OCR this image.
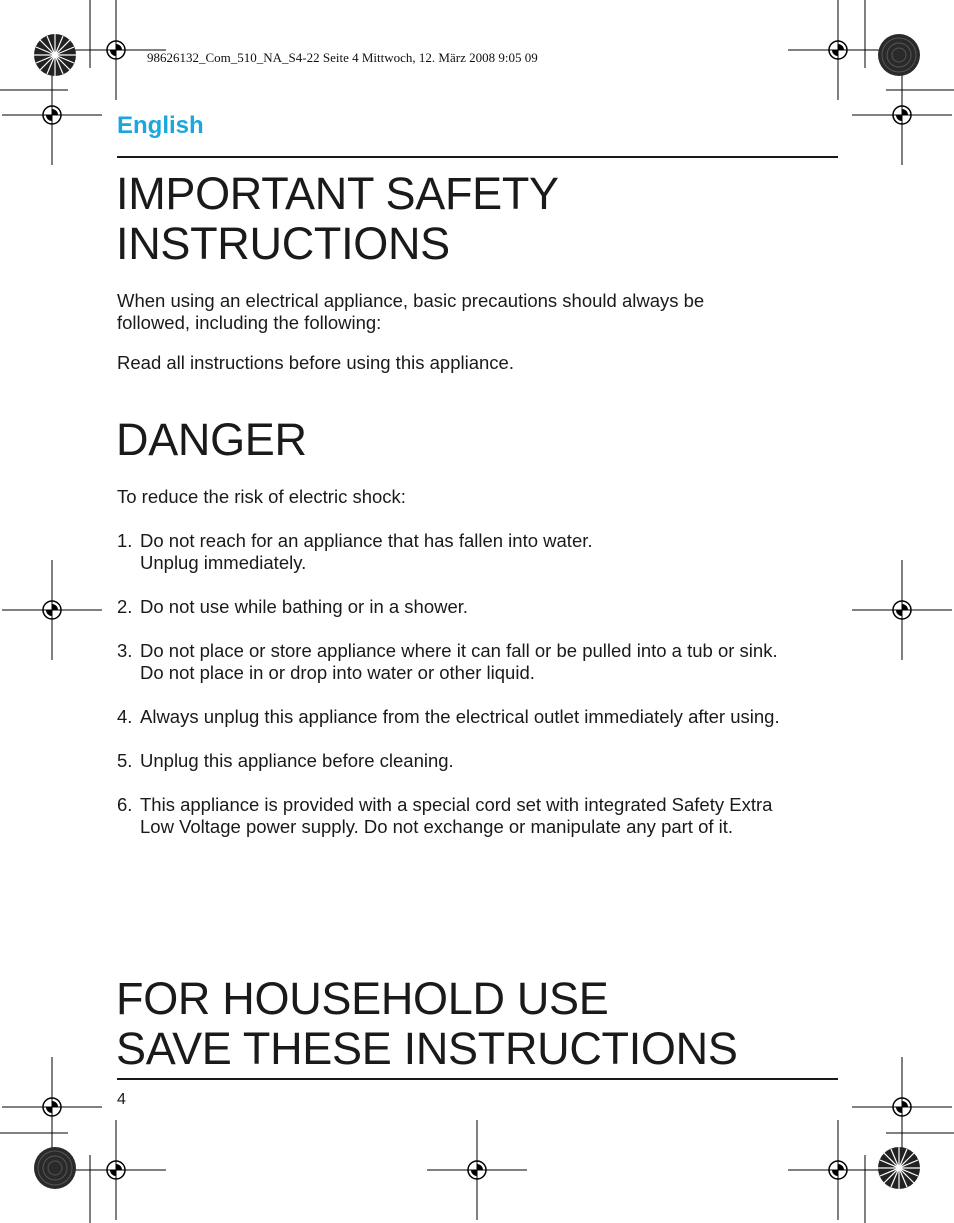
98626132_Com_510_NA_S4-22 Seite 4 Mittwoch, 12. März 2008 9:05 09
English
IMPORTANT SAFETY
INSTRUCTIONS

When using an electrical appliance, basic precautions should always be
followed, including the following:

Read all instructions before using this appliance.

DANGER

To reduce the risk of electric shock:

1. Do not reach for an appliance that has fallen into water.
Unplug immediately.
2. Do not use while bathing or in a shower.
3. Do not place or store appliance where it can fall or be pulled into a tub or sink.
Do not place in or drop into water or other liquid.
4. Always unplug this appliance from the electrical outlet immediately after using.
5. Unplug this appliance before cleaning.
6. This appliance is provided with a special cord set with integrated Safety Extra
Low Voltage power supply. Do not exchange or manipulate any part of it.
FOR HOUSEHOLD USE
SAVE THESE INSTRUCTIONS
4
